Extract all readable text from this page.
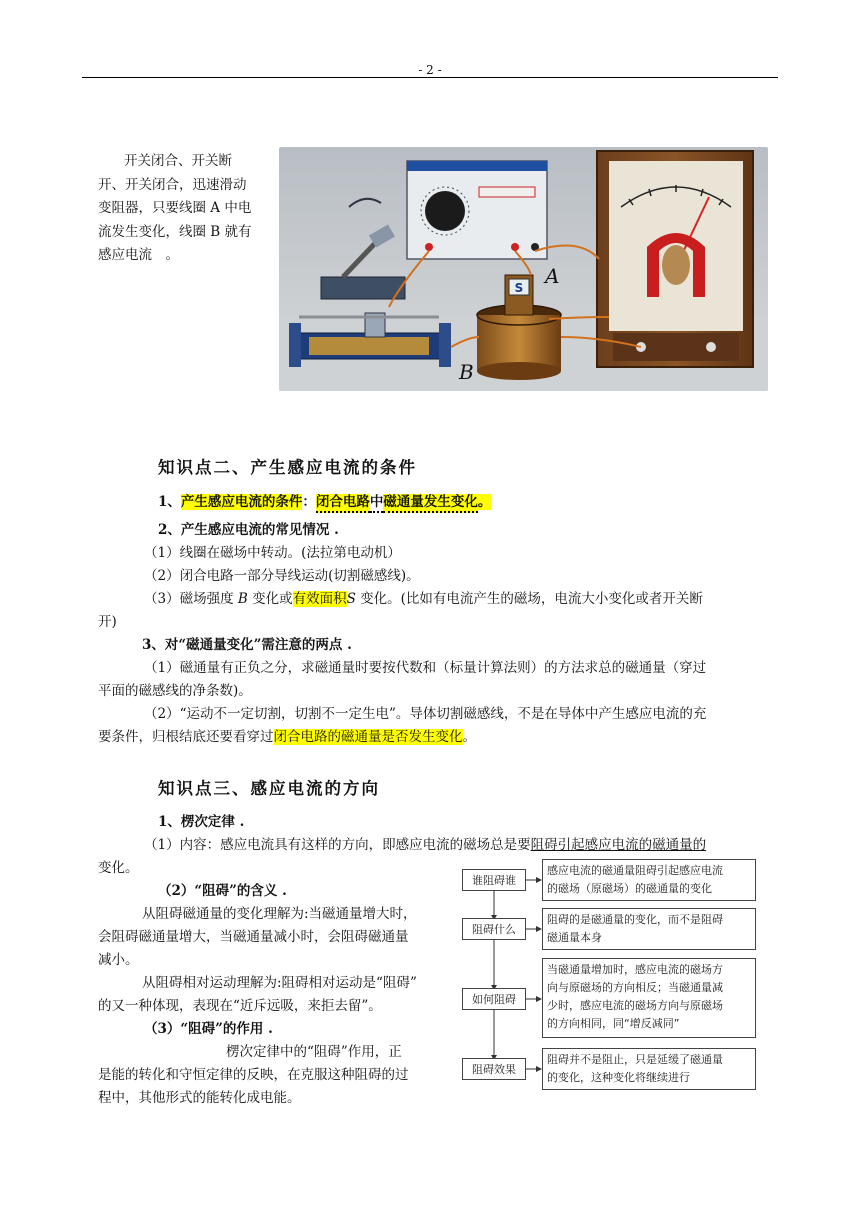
- 2 -
开关闭合、开关断
开、开关闭合，迅速滑动
变阻器，只要线圈 A 中电
流发生变化，线圈 B 就有
感应电流　。
S A
B
知识点二、产生感应电流的条件
1、产生感应电流的条件：闭合电路中磁通量发生变化。
2、产生感应电流的常见情况 .
（1）线圈在磁场中转动。(法拉第电动机）
（2）闭合电路一部分导线运动(切割磁感线)。
（3）磁场强度 B 变化或有效面积S 变化。(比如有电流产生的磁场，电流大小变化或者开关断
开)
3、对“磁通量变化”需注意的两点 .
（1）磁通量有正负之分，求磁通量时要按代数和（标量计算法则）的方法求总的磁通量（穿过
平面的磁感线的净条数)。
（2）“运动不一定切割，切割不一定生电”。导体切割磁感线，不是在导体中产生感应电流的充
要条件，归根结底还要看穿过闭合电路的磁通量是否发生变化。
知识点三、感应电流的方向
1、楞次定律 .
（1）内容：感应电流具有这样的方向，即感应电流的磁场总是要阻碍引起感应电流的磁通量的
变化。
（2）“阻碍”的含义 .
从阻碍磁通量的变化理解为:当磁通量增大时，
会阻碍磁通量增大，当磁通量减小时，会阻碍磁通量
减小。
从阻碍相对运动理解为:阻碍相对运动是“阻碍”
的又一种体现，表现在“近斥远吸，来拒去留”。
（3）“阻碍”的作用 .
楞次定律中的“阻碍”作用，正
是能的转化和守恒定律的反映，在克服这种阻碍的过
程中，其他形式的能转化成电能。
谁阻碍谁
感应电流的磁通量阻碍引起感应电流
的磁场（原磁场）的磁通量的变化
阻碍什么
阻碍的是磁通量的变化，而不是阻碍
磁通量本身
如何阻碍
当磁通量增加时，感应电流的磁场方
向与原磁场的方向相反；当磁通量减
少时，感应电流的磁场方向与原磁场
的方向相同，同“增反减同”
阻碍效果
阻碍并不是阻止，只是延缓了磁通量
的变化，这种变化将继续进行
